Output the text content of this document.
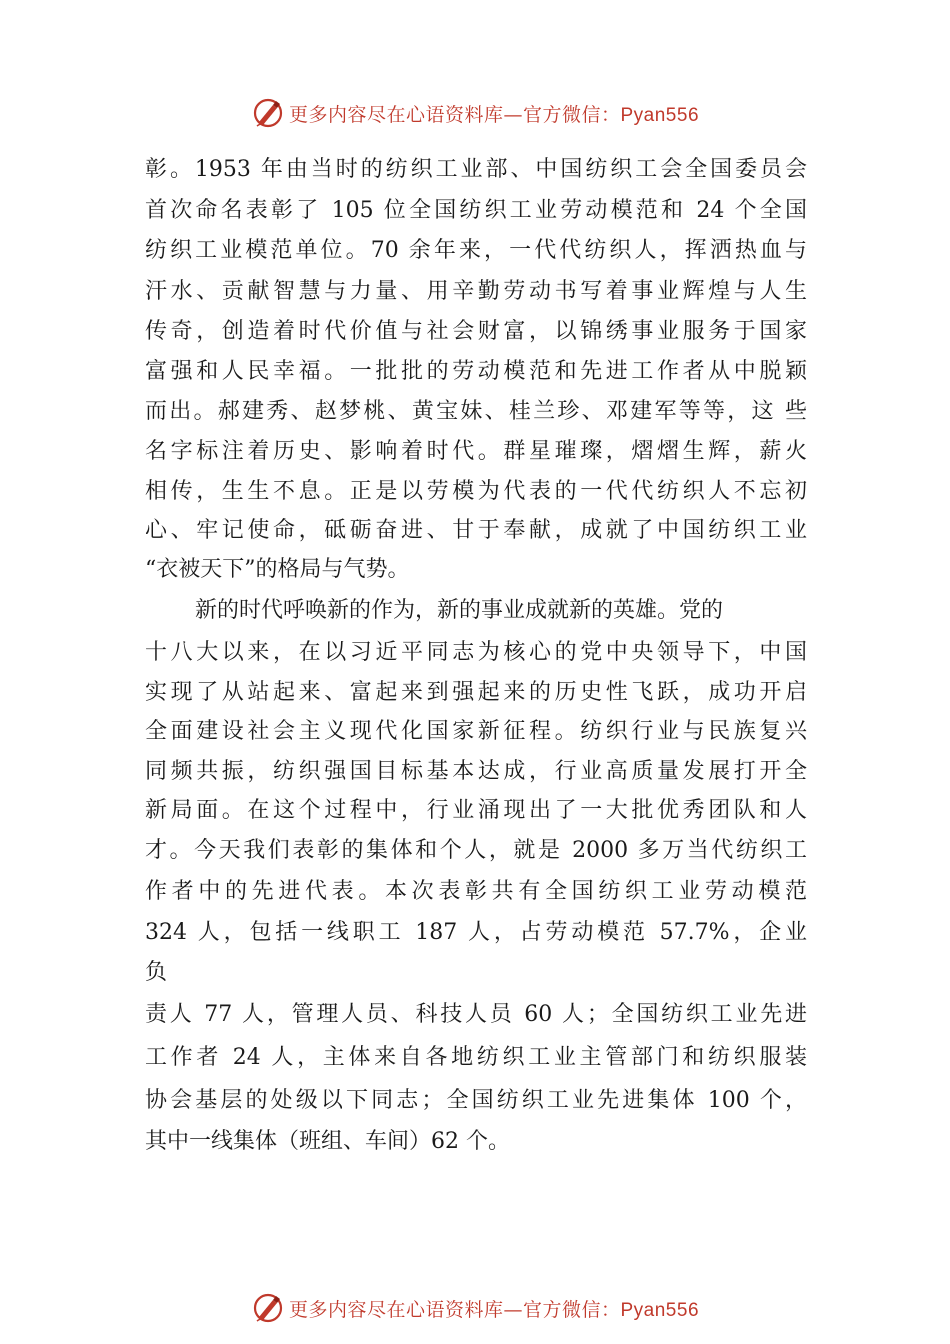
更多内容尽在心语资料库—官方微信：Pyan556
彰。1953 年由当时的纺织工业部、中国纺织工会全国委员会
首次命名表彰了 105 位全国纺织工业劳动模范和 24 个全国
纺织工业模范单位。70 余年来，一代代纺织人，挥洒热血与
汗水、贡献智慧与力量、用辛勤劳动书写着事业辉煌与人生
传奇，创造着时代价值与社会财富，以锦绣事业服务于国家
富强和人民幸福。一批批的劳动模范和先进工作者从中脱颖
而出。郝建秀、赵梦桃、黄宝妹、桂兰珍、邓建军等等，这 些
名字标注着历史、影响着时代。群星璀璨，熠熠生辉，薪火
相传，生生不息。正是以劳模为代表的一代代纺织人不忘初
心、牢记使命，砥砺奋进、甘于奉献，成就了中国纺织工业
“衣被天下”的格局与气势。
新的时代呼唤新的作为，新的事业成就新的英雄。党的
十八大以来，在以习近平同志为核心的党中央领导下，中国
实现了从站起来、富起来到强起来的历史性飞跃，成功开启
全面建设社会主义现代化国家新征程。纺织行业与民族复兴
同频共振，纺织强国目标基本达成，行业高质量发展打开全
新局面。在这个过程中，行业涌现出了一大批优秀团队和人
才。今天我们表彰的集体和个人，就是 2000 多万当代纺织工
作者中的先进代表。本次表彰共有全国纺织工业劳动模范
324 人，包括一线职工 187 人，占劳动模范 57.7%，企业
负
责人 77 人，管理人员、科技人员 60 人；全国纺织工业先进
工作者 24 人，主体来自各地纺织工业主管部门和纺织服装
协会基层的处级以下同志；全国纺织工业先进集体 100 个，
其中一线集体（班组、车间）62 个。
更多内容尽在心语资料库—官方微信：Pyan556
